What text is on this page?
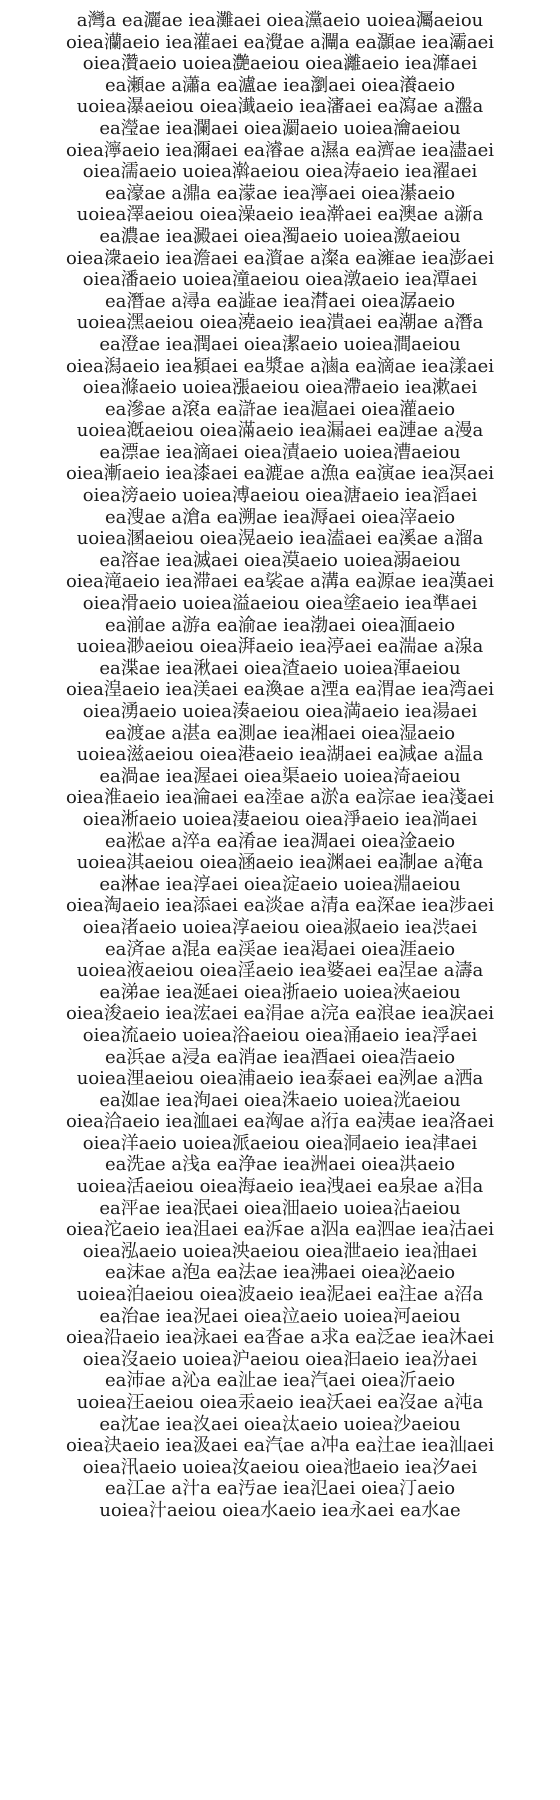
a灣a ea灑ae iea灘aei oiea灙aeio uoiea灟aeiou
oiea灡aeio iea灌aei ea灚ae a灛a ea灝ae iea灞aei
oiea灒aeio uoiea灔aeiou oiea灕aeio iea灖aei
ea瀬ae a瀟a ea瀘ae iea瀏aei oiea瀁aeio
uoiea瀑aeiou oiea瀐aeio iea瀋aei ea瀉ae a瀊a
ea瀅ae iea瀾aei oiea瀱aeio uoiea瀹aeiou
oiea濘aeio iea濔aei ea濬ae a濕a ea濟ae iea濜aei
oiea濡aeio uoiea濣aeiou oiea涛aeio iea濯aei
ea濠ae a濎a ea濛ae iea濘aei oiea濝aeio
uoiea澤aeiou oiea澡aeio iea澣aei ea澳ae a澵a
ea濃ae iea澱aei oiea濁aeio uoiea激aeiou
oiea潨aeio iea澹aei ea澬ae a澯a ea澭ae iea澎aei
oiea潘aeio uoiea潼aeiou oiea潡aeio iea潭aei
ea潛ae a潯a ea澁ae iea潸aei oiea潺aeio
uoiea潶aeiou oiea澆aeio iea潰aei ea潮ae a潛a
ea澄ae iea潤aei oiea潔aeio uoiea澗aeiou
oiea潟aeio iea潁aei ea漿ae a滷a ea滴ae iea漾aei
oiea滌aeio uoiea漲aeiou oiea滯aeio iea漱aei
ea滲ae a滾a ea滸ae iea滬aei oiea灌aeio
uoiea漑aeiou oiea滿aeio iea漏aei ea漣ae a漫a
ea漂ae iea滴aei oiea漬aeio uoiea漕aeiou
oiea漸aeio iea漆aei ea漉ae a漁a ea演ae iea溟aei
oiea滂aeio uoiea溥aeiou oiea溏aeio iea滔aei
ea溲ae a滄a ea溯ae iea溽aei oiea滓aeio
uoiea溷aeiou oiea滉aeio iea溘aei ea溪ae a溜a
ea溶ae iea滅aei oiea漠aeio uoiea溺aeiou
oiea滝aeio iea滞aei ea裟ae a溝a ea源ae iea漢aei
oiea滑aeio uoiea溢aeiou oiea塗aeio iea準aei
ea湔ae a游a ea渝ae iea渤aei oiea湎aeio
uoiea渺aeiou oiea湃aeio iea渟aei ea湍ae a湶a
ea渫ae iea湫aei oiea渣aeio uoiea渾aeiou
oiea湟aeio iea渼aei ea渙ae a湮a ea渭ae iea湾aei
oiea湧aeio uoiea湊aeiou oiea満aeio iea湯aei
ea渡ae a湛a ea測ae iea湘aei oiea湿aeio
uoiea滋aeiou oiea港aeio iea湖aei ea減ae a温a
ea渦ae iea渥aei oiea渠aeio uoiea渏aeiou
oiea淮aeio iea淪aei ea淕ae a淤a ea淙ae iea淺aei
oiea淅aeio uoiea淒aeiou oiea淨aeio iea淌aei
ea淞ae a淬a ea淆ae iea淍aei oiea淦aeio
uoiea淇aeiou oiea涵aeio iea渊aei ea淛ae a淹a
ea淋ae iea淳aei oiea淀aeio uoiea淵aeiou
oiea淘aeio iea添aei ea淡ae a清a ea深ae iea涉aei
oiea渚aeio uoiea淳aeiou oiea淑aeio iea渋aei
ea済ae a混a ea渓ae iea渇aei oiea涯aeio
uoiea液aeiou oiea淫aeio iea婆aei ea涅ae a濤a
ea涕ae iea涎aei oiea浙aeio uoiea浹aeiou
oiea浚aeio iea浤aei ea涓ae a浣a ea浪ae iea涙aei
oiea流aeio uoiea浴aeiou oiea涌aeio iea浮aei
ea浜ae a浸a ea消ae iea酒aei oiea浩aeio
uoiea浬aeiou oiea浦aeio iea泰aei ea洌ae a洒a
ea洳ae iea洵aei oiea洙aeio uoiea洸aeiou
oiea洽aeio iea洫aei ea洶ae a洐a ea洟ae iea洛aei
oiea洋aeio uoiea派aeiou oiea洞aeio iea津aei
ea洗ae a浅a ea浄ae iea洲aei oiea洪aeio
uoiea活aeiou oiea海aeio iea洩aei ea泉ae a泪a
ea泙ae iea泯aei oiea沺aeio uoiea沾aeiou
oiea沱aeio iea沮aei ea泝ae a泅a ea泗ae iea沽aei
oiea泓aeio uoiea泱aeiou oiea泄aeio iea油aei
ea沫ae a泡a ea法ae iea沸aei oiea泌aeio
uoiea泊aeiou oiea波aeio iea泥aei ea注ae a沼a
ea治ae iea況aei oiea泣aeio uoiea河aeiou
oiea沿aeio iea泳aei ea沓ae a求a ea泛ae iea沐aei
oiea沒aeio uoiea沪aeiou oiea汩aeio iea汾aei
ea沛ae a沁a ea沚ae iea汽aei oiea沂aeio
uoiea汪aeiou oiea汞aeio iea沃aei ea沒ae a沌a
ea沈ae iea汷aei oiea汰aeio uoiea沙aeiou
oiea決aeio iea汲aei ea汽ae a冲a ea汢ae iea汕aei
oiea汛aeio uoiea汝aeiou oiea池aeio iea汐aei
ea江ae a汁a ea汚ae iea氾aei oiea汀aeio
uoiea汁aeiou oiea水aeio iea永aei ea水ae
